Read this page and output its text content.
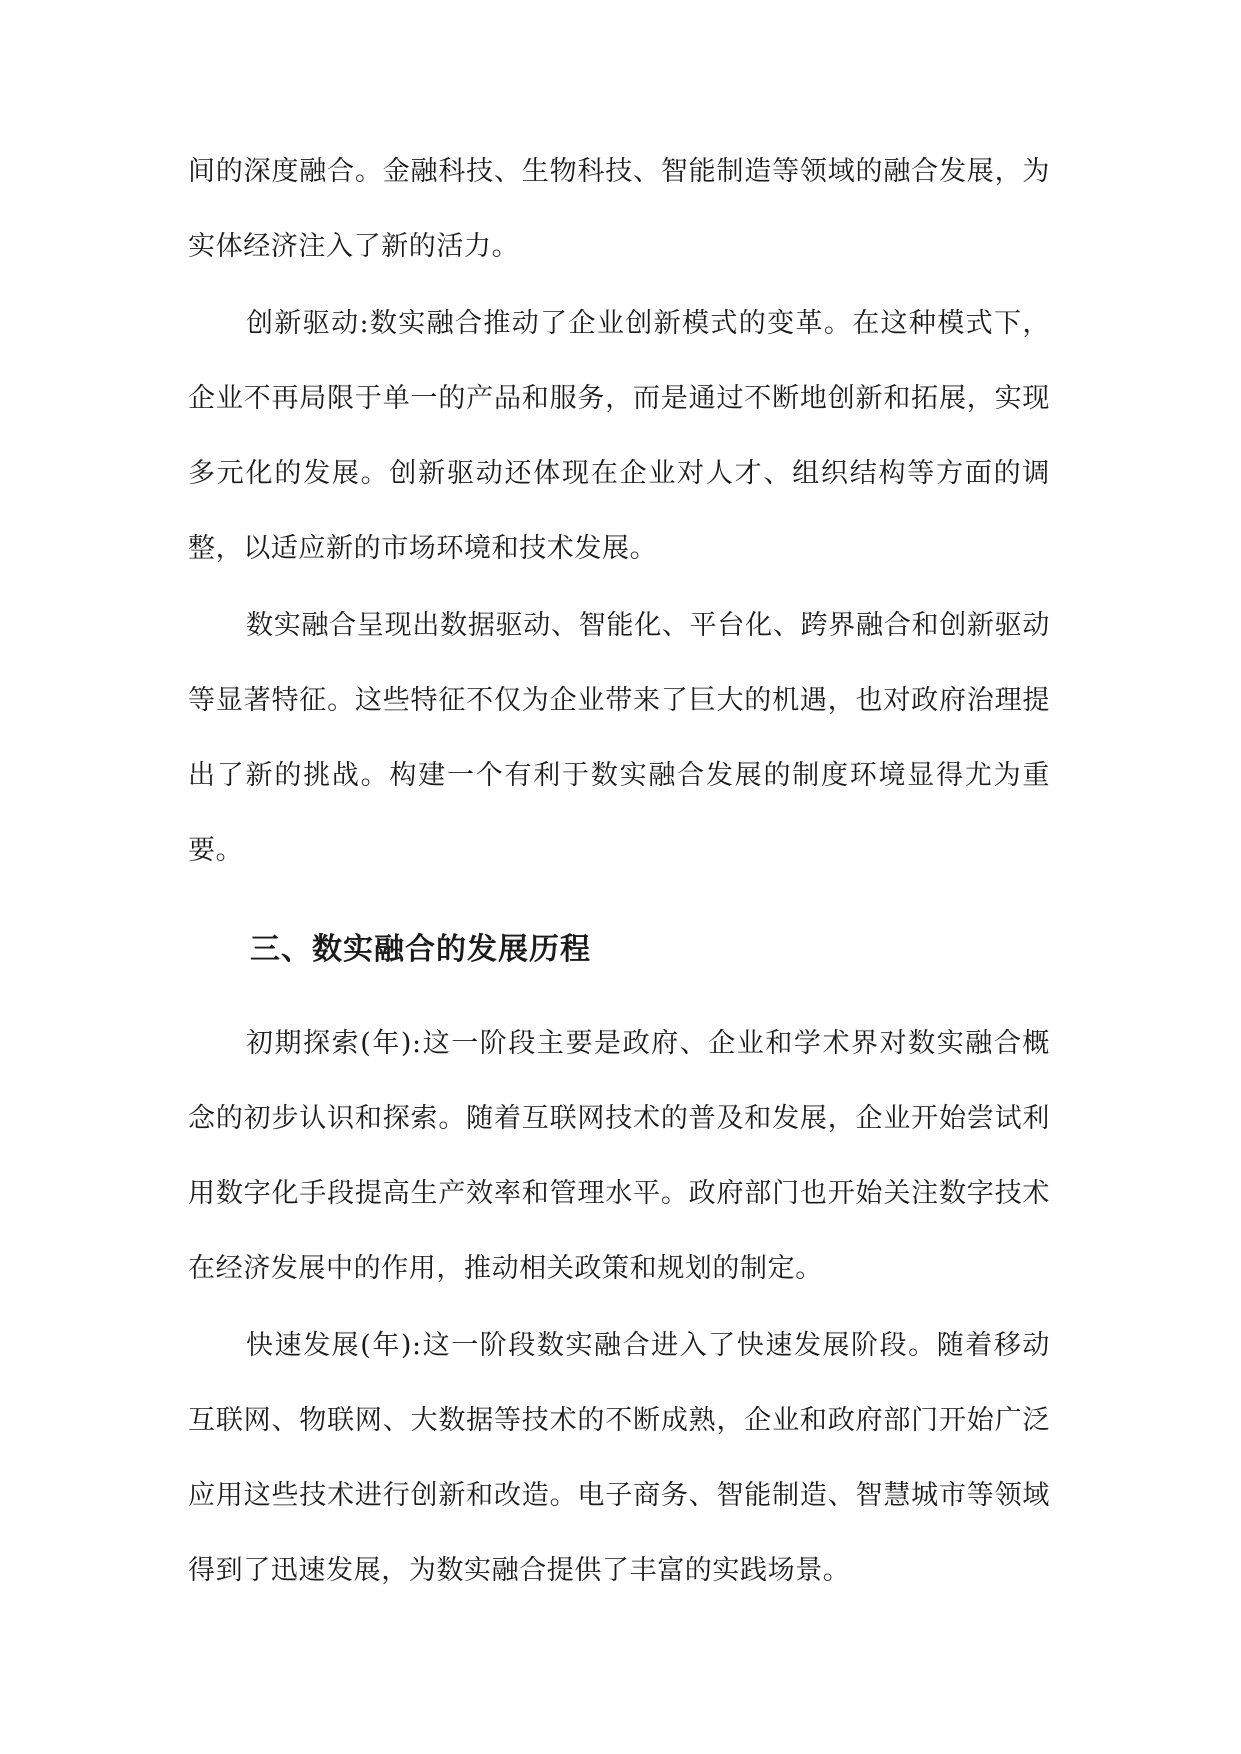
间的深度融合。金融科技、生物科技、智能制造等领域的融合发展，为实体经济注入了新的活力。

创新驱动:数实融合推动了企业创新模式的变革。在这种模式下，企业不再局限于单一的产品和服务，而是通过不断地创新和拓展，实现多元化的发展。创新驱动还体现在企业对人才、组织结构等方面的调整，以适应新的市场环境和技术发展。

数实融合呈现出数据驱动、智能化、平台化、跨界融合和创新驱动等显著特征。这些特征不仅为企业带来了巨大的机遇，也对政府治理提出了新的挑战。构建一个有利于数实融合发展的制度环境显得尤为重要。

三、数实融合的发展历程

初期探索(年):这一阶段主要是政府、企业和学术界对数实融合概念的初步认识和探索。随着互联网技术的普及和发展，企业开始尝试利用数字化手段提高生产效率和管理水平。政府部门也开始关注数字技术在经济发展中的作用，推动相关政策和规划的制定。

快速发展(年):这一阶段数实融合进入了快速发展阶段。随着移动互联网、物联网、大数据等技术的不断成熟，企业和政府部门开始广泛应用这些技术进行创新和改造。电子商务、智能制造、智慧城市等领域得到了迅速发展，为数实融合提供了丰富的实践场景。
